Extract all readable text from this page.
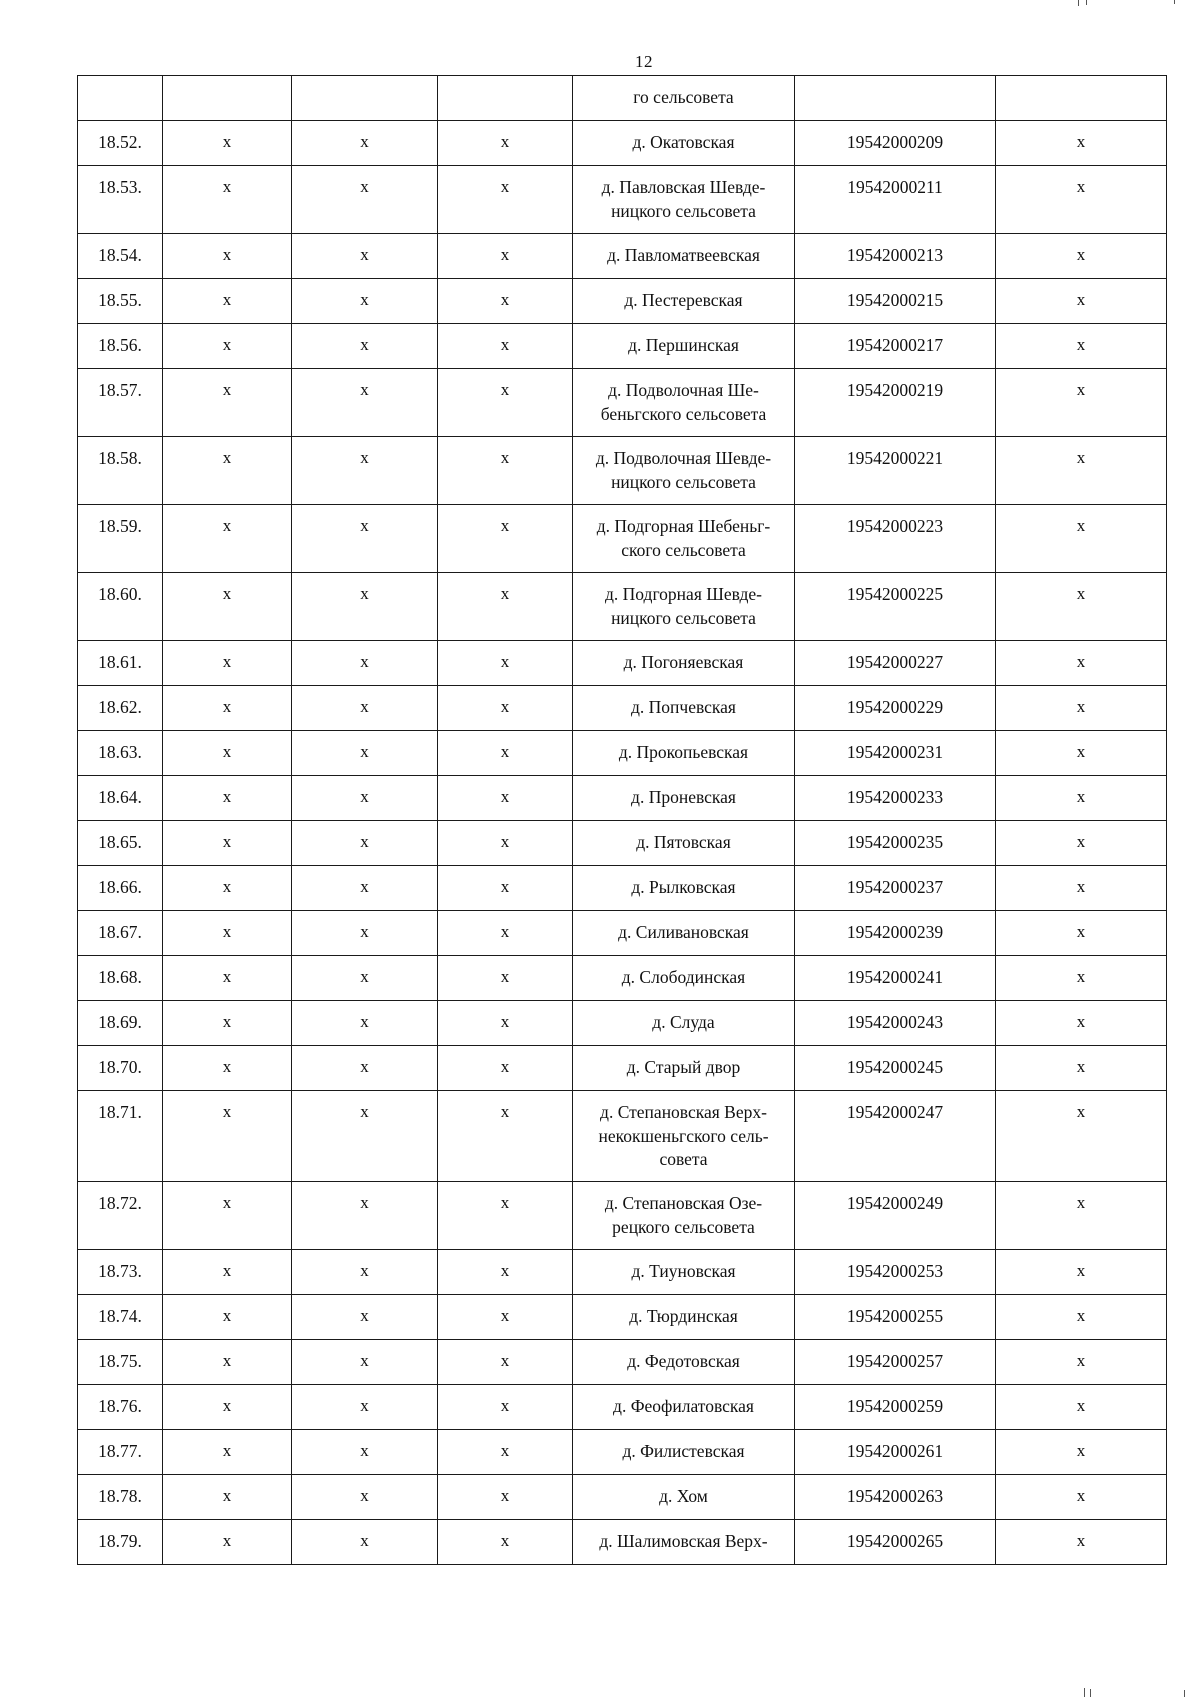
12
				го сельсовета		
18.52.	х	х	х	д. Окатовская	19542000209	х
18.53.	х	х	х	д. Павловская Шевде-ницкого сельсовета	19542000211	х
18.54.	х	х	х	д. Павломатвеевская	19542000213	х
18.55.	х	х	х	д. Пестеревская	19542000215	х
18.56.	х	х	х	д. Першинская	19542000217	х
18.57.	х	х	х	д. Подволочная Ше-беньгского сельсовета	19542000219	х
18.58.	х	х	х	д. Подволочная Шевде-ницкого сельсовета	19542000221	х
18.59.	х	х	х	д. Подгорная Шебеньг-ского сельсовета	19542000223	х
18.60.	х	х	х	д. Подгорная Шевде-ницкого сельсовета	19542000225	х
18.61.	х	х	х	д. Погоняевская	19542000227	х
18.62.	х	х	х	д. Попчевская	19542000229	х
18.63.	х	х	х	д. Прокопьевская	19542000231	х
18.64.	х	х	х	д. Проневская	19542000233	х
18.65.	х	х	х	д. Пятовская	19542000235	х
18.66.	х	х	х	д. Рылковская	19542000237	х
18.67.	х	х	х	д. Силивановская	19542000239	х
18.68.	х	х	х	д. Слободинская	19542000241	х
18.69.	х	х	х	д. Слуда	19542000243	х
18.70.	х	х	х	д. Старый двор	19542000245	х
18.71.	х	х	х	д. Степановская Верх-некокшеньгского сель-совета	19542000247	х
18.72.	х	х	х	д. Степановская Озе-рецкого сельсовета	19542000249	х
18.73.	х	х	х	д. Тиуновская	19542000253	х
18.74.	х	х	х	д. Тюрдинская	19542000255	х
18.75.	х	х	х	д. Федотовская	19542000257	х
18.76.	х	х	х	д. Феофилатовская	19542000259	х
18.77.	х	х	х	д. Филистевская	19542000261	х
18.78.	х	х	х	д. Хом	19542000263	х
18.79.	х	х	х	д. Шалимовская Верх-	19542000265	х
